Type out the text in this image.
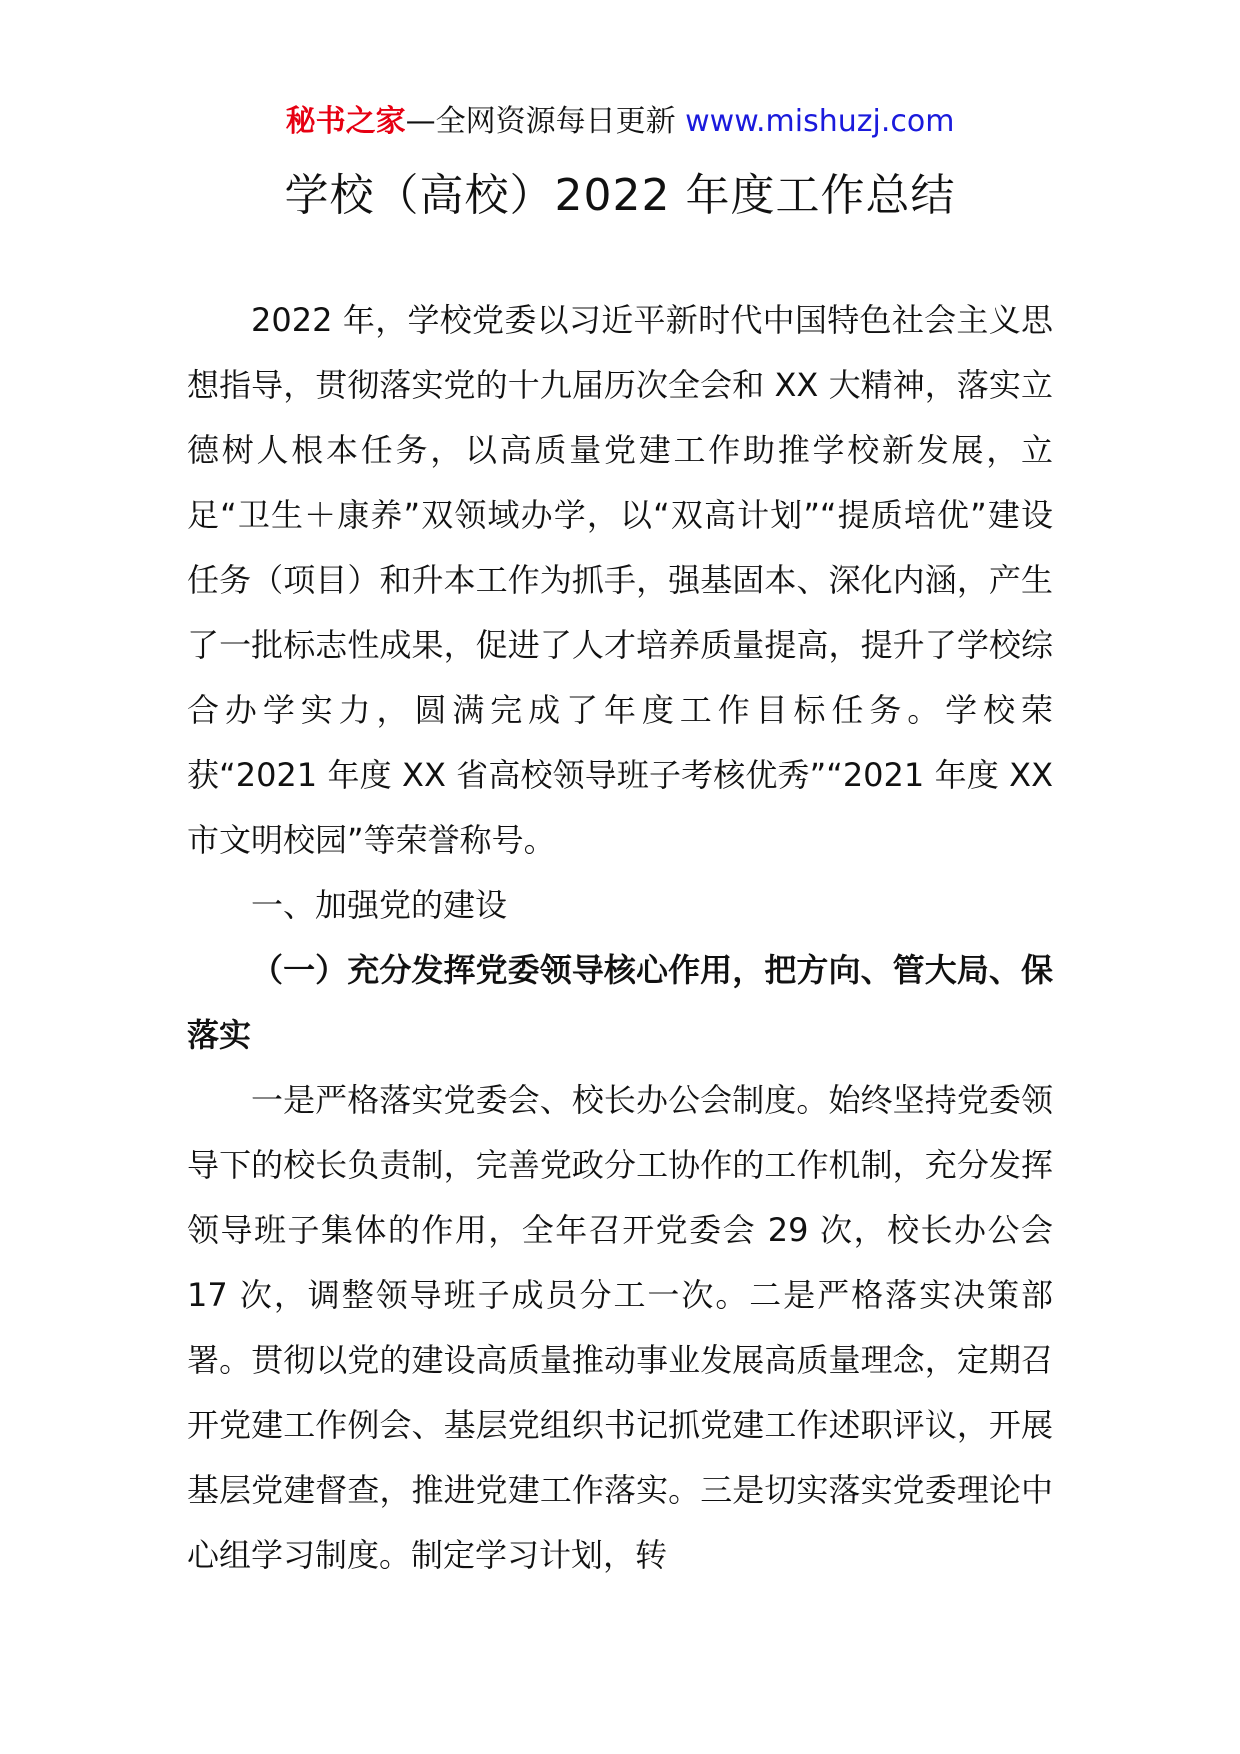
秘书之家—全网资源每日更新 www.mishuzj.com
学校（高校）2022 年度工作总结

2022 年，学校党委以习近平新时代中国特色社会主义思想指导，贯彻落实党的十九届历次全会和 XX 大精神，落实立德树人根本任务，以高质量党建工作助推学校新发展，立足“卫生＋康养”双领域办学，以“双高计划”“提质培优”建设任务（项目）和升本工作为抓手，强基固本、深化内涵，产生了一批标志性成果，促进了人才培养质量提高，提升了学校综合办学实力，圆满完成了年度工作目标任务。学校荣获“2021 年度 XX 省高校领导班子考核优秀”“2021 年度 XX 市文明校园”等荣誉称号。

一、加强党的建设

（一）充分发挥党委领导核心作用，把方向、管大局、保落实

一是严格落实党委会、校长办公会制度。始终坚持党委领导下的校长负责制，完善党政分工协作的工作机制，充分发挥领导班子集体的作用，全年召开党委会 29 次，校长办公会 17 次，调整领导班子成员分工一次。二是严格落实决策部署。贯彻以党的建设高质量推动事业发展高质量理念，定期召开党建工作例会、基层党组织书记抓党建工作述职评议，开展基层党建督查，推进党建工作落实。三是切实落实党委理论中心组学习制度。制定学习计划，转
